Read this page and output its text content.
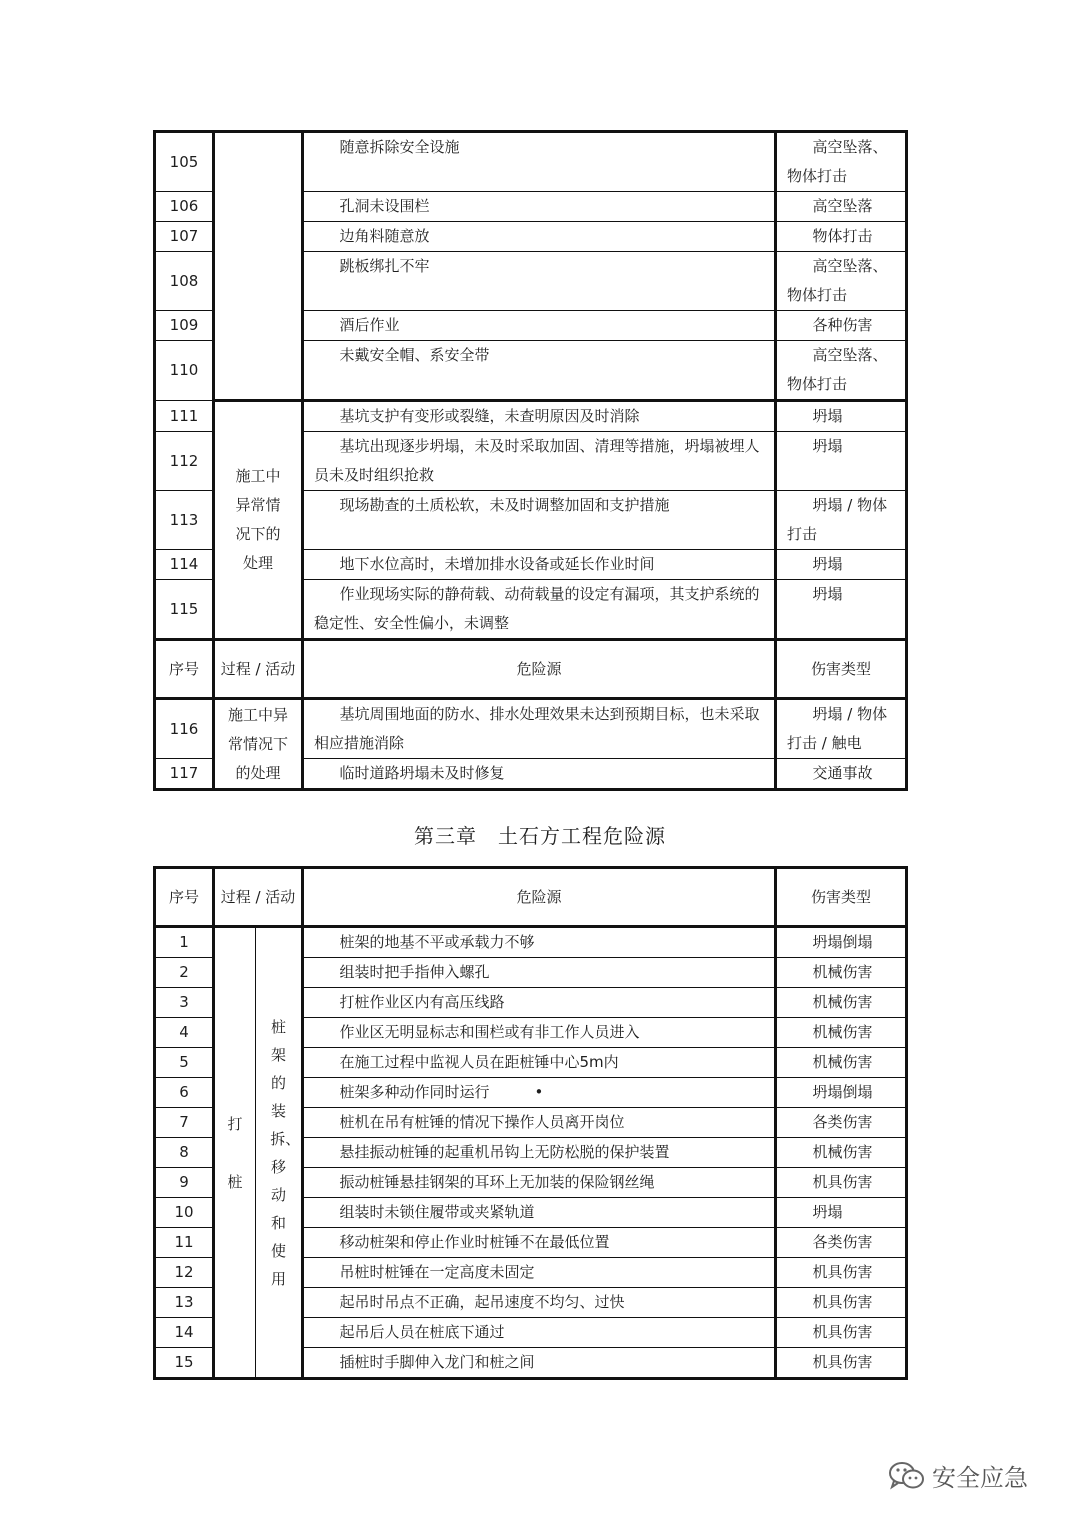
105		随意拆除安全设施	高空坠落、物体打击
106		孔洞未设围栏	高空坠落
107		边角料随意放	物体打击
108		跳板绑扎不牢	高空坠落、物体打击
109		酒后作业	各种伤害
110		未戴安全帽、系安全带	高空坠落、物体打击
111	施工中异常情况下的处理	基坑支护有变形或裂缝，未查明原因及时消除	坍塌
112		基坑出现逐步坍塌，未及时采取加固、清理等措施，坍塌被埋人员未及时组织抢救	坍塌
113		现场勘查的土质松软，未及时调整加固和支护措施	坍塌 / 物体打击
114		地下水位高时，未增加排水设备或延长作业时间	坍塌
115		作业现场实际的静荷载、动荷载量的设定有漏项，其支护系统的稳定性、安全性偏小，未调整	坍塌
序号	过程 / 活动	危险源	伤害类型
116	施工中异常情况下的处理	基坑周围地面的防水、排水处理效果未达到预期目标，也未采取相应措施消除	坍塌 / 物体打击 / 触电
117		临时道路坍塌未及时修复	交通事故
第三章　土石方工程危险源
序号	过程 / 活动		危险源	伤害类型
1	打桩	桩架的装拆、移动和使用	桩架的地基不平或承载力不够	坍塌倒塌
2			组装时把手指伸入螺孔	机械伤害
3			打桩作业区内有高压线路	机械伤害
4			作业区无明显标志和围栏或有非工作人员进入	机械伤害
5			在施工过程中监视人员在距桩锤中心5m内	机械伤害
6			桩架多种动作同时运行　　　•	坍塌倒塌
7			桩机在吊有桩锤的情况下操作人员离开岗位	各类伤害
8			悬挂振动桩锤的起重机吊钩上无防松脱的保护装置	机械伤害
9			振动桩锤悬挂钢架的耳环上无加装的保险钢丝绳	机具伤害
10			组装时未锁住履带或夹紧轨道	坍塌
11			移动桩架和停止作业时桩锤不在最低位置	各类伤害
12			吊桩时桩锤在一定高度未固定	机具伤害
13			起吊时吊点不正确，起吊速度不均匀、过快	机具伤害
14			起吊后人员在桩底下通过	机具伤害
15			插桩时手脚伸入龙门和桩之间	机具伤害
安全应急
